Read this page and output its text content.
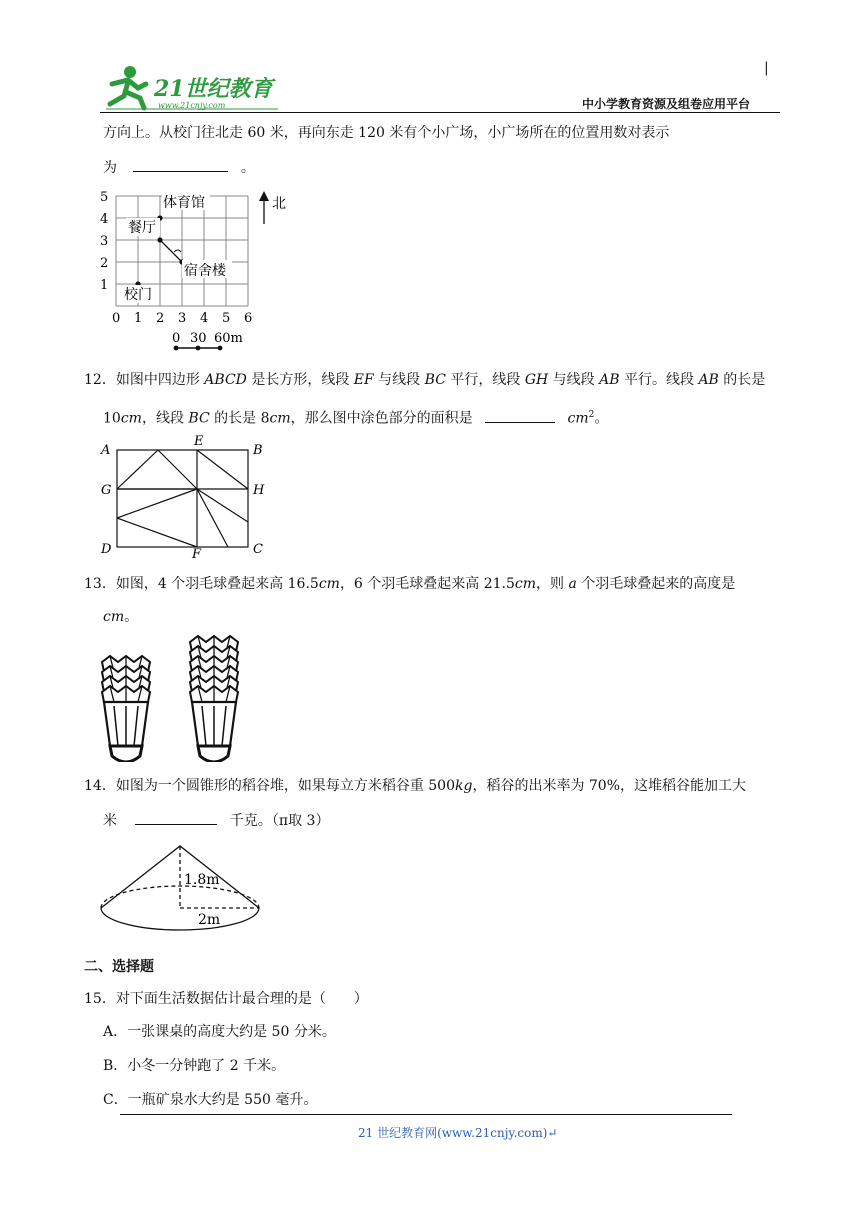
21世纪教育
www.21cnjy.com
|
中小学教育资源及组卷应用平台
方向上。从校门往北走 60 米，再向东走 120 米有个小广场，小广场所在的位置用数对表示
为	。
5
4
3
2
1
0 1 2 3 4 5 6
体育馆
餐厅
宿舍楼
校门
北
0 30 60m
12．如图中四边形 ABCD 是长方形，线段 EF 与线段 BC 平行，线段 GH 与线段 AB 平行。线段 AB 的长是
10cm，线段 BC 的长是 8cm，那么图中涂色部分的面积是	$cm^2$。
A
E
B
G	H
D	F	C
13．如图，4 个羽毛球叠起来高 16.5cm，6 个羽毛球叠起来高 21.5cm，则 a 个羽毛球叠起来的高度是
cm。
14．如图为一个圆锥形的稻谷堆，如果每立方米稻谷重 500kg，稻谷的出米率为 70%，这堆稻谷能加工大
米	千克。（π取 3）
1.8m
2m
二、选择题
15．对下面生活数据估计最合理的是（　　）
A．一张课桌的高度大约是 50 分米。
B．小冬一分钟跑了 2 千米。
C．一瓶矿泉水大约是 550 毫升。
21 世纪教育网(www.21cnjy.com)↵
